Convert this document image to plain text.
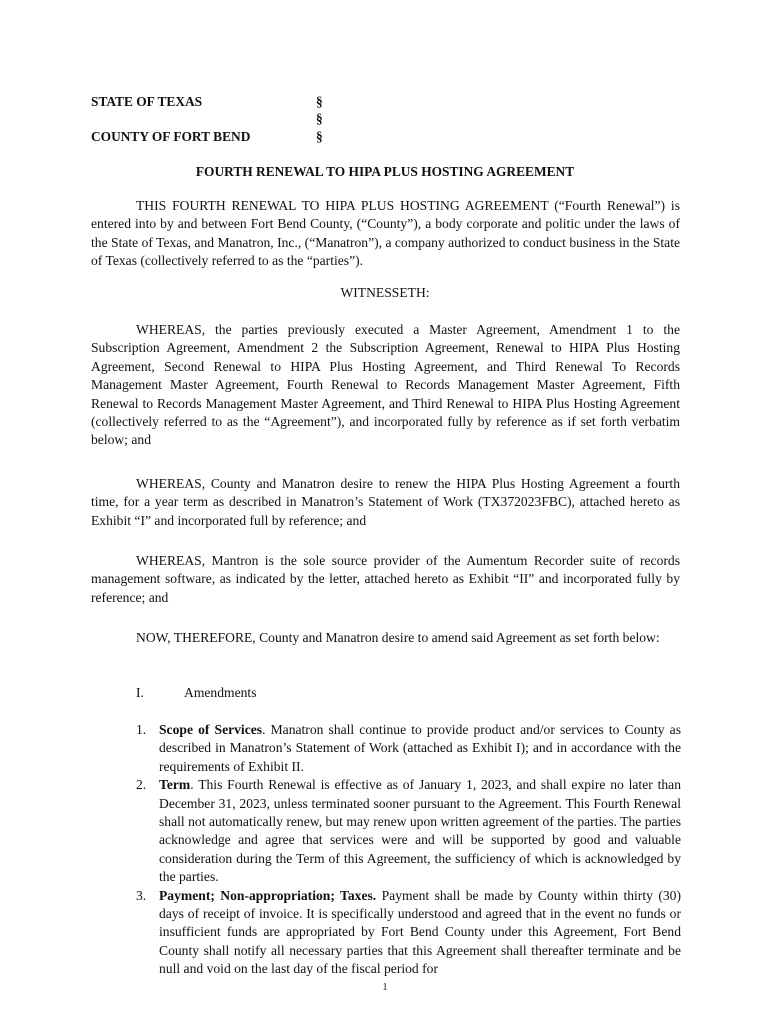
STATE OF TEXAS
COUNTY OF FORT BEND
§
§
§
FOURTH RENEWAL TO HIPA PLUS HOSTING AGREEMENT

THIS FOURTH RENEWAL TO HIPA PLUS HOSTING AGREEMENT (“Fourth Renewal”) is entered into by and between Fort Bend County, (“County”), a body corporate and politic under the laws of the State of Texas, and Manatron, Inc., (“Manatron”), a company authorized to conduct business in the State of Texas (collectively referred to as the “parties”).

WITNESSETH:

WHEREAS, the parties previously executed a Master Agreement, Amendment 1 to the Subscription Agreement, Amendment 2 the Subscription Agreement, Renewal to HIPA Plus Hosting Agreement, Second Renewal to HIPA Plus Hosting Agreement, and Third Renewal To Records Management Master Agreement, Fourth Renewal to Records Management Master Agreement, Fifth Renewal to Records Management Master Agreement, and Third Renewal to HIPA Plus Hosting Agreement (collectively referred to as the “Agreement”), and incorporated fully by reference as if set forth verbatim below; and

WHEREAS, County and Manatron desire to renew the HIPA Plus Hosting Agreement a fourth time, for a year term as described in Manatron’s Statement of Work (TX372023FBC), attached hereto as Exhibit “I” and incorporated full by reference; and

WHEREAS, Mantron is the sole source provider of the Aumentum Recorder suite of records management software, as indicated by the letter, attached hereto as Exhibit “II” and incorporated fully by reference; and

NOW, THEREFORE, County and Manatron desire to amend said Agreement as set forth below:

I.	Amendments
1. Scope of Services. Manatron shall continue to provide product and/or services to County as described in Manatron’s Statement of Work (attached as Exhibit I); and in accordance with the requirements of Exhibit II.
2. Term. This Fourth Renewal is effective as of January 1, 2023, and shall expire no later than December 31, 2023, unless terminated sooner pursuant to the Agreement. This Fourth Renewal shall not automatically renew, but may renew upon written agreement of the parties. The parties acknowledge and agree that services were and will be supported by good and valuable consideration during the Term of this Agreement, the sufficiency of which is acknowledged by the parties.
3. Payment; Non-appropriation; Taxes. Payment shall be made by County within thirty (30) days of receipt of invoice. It is specifically understood and agreed that in the event no funds or insufficient funds are appropriated by Fort Bend County under this Agreement, Fort Bend County shall notify all necessary parties that this Agreement shall thereafter terminate and be null and void on the last day of the fiscal period for
1
